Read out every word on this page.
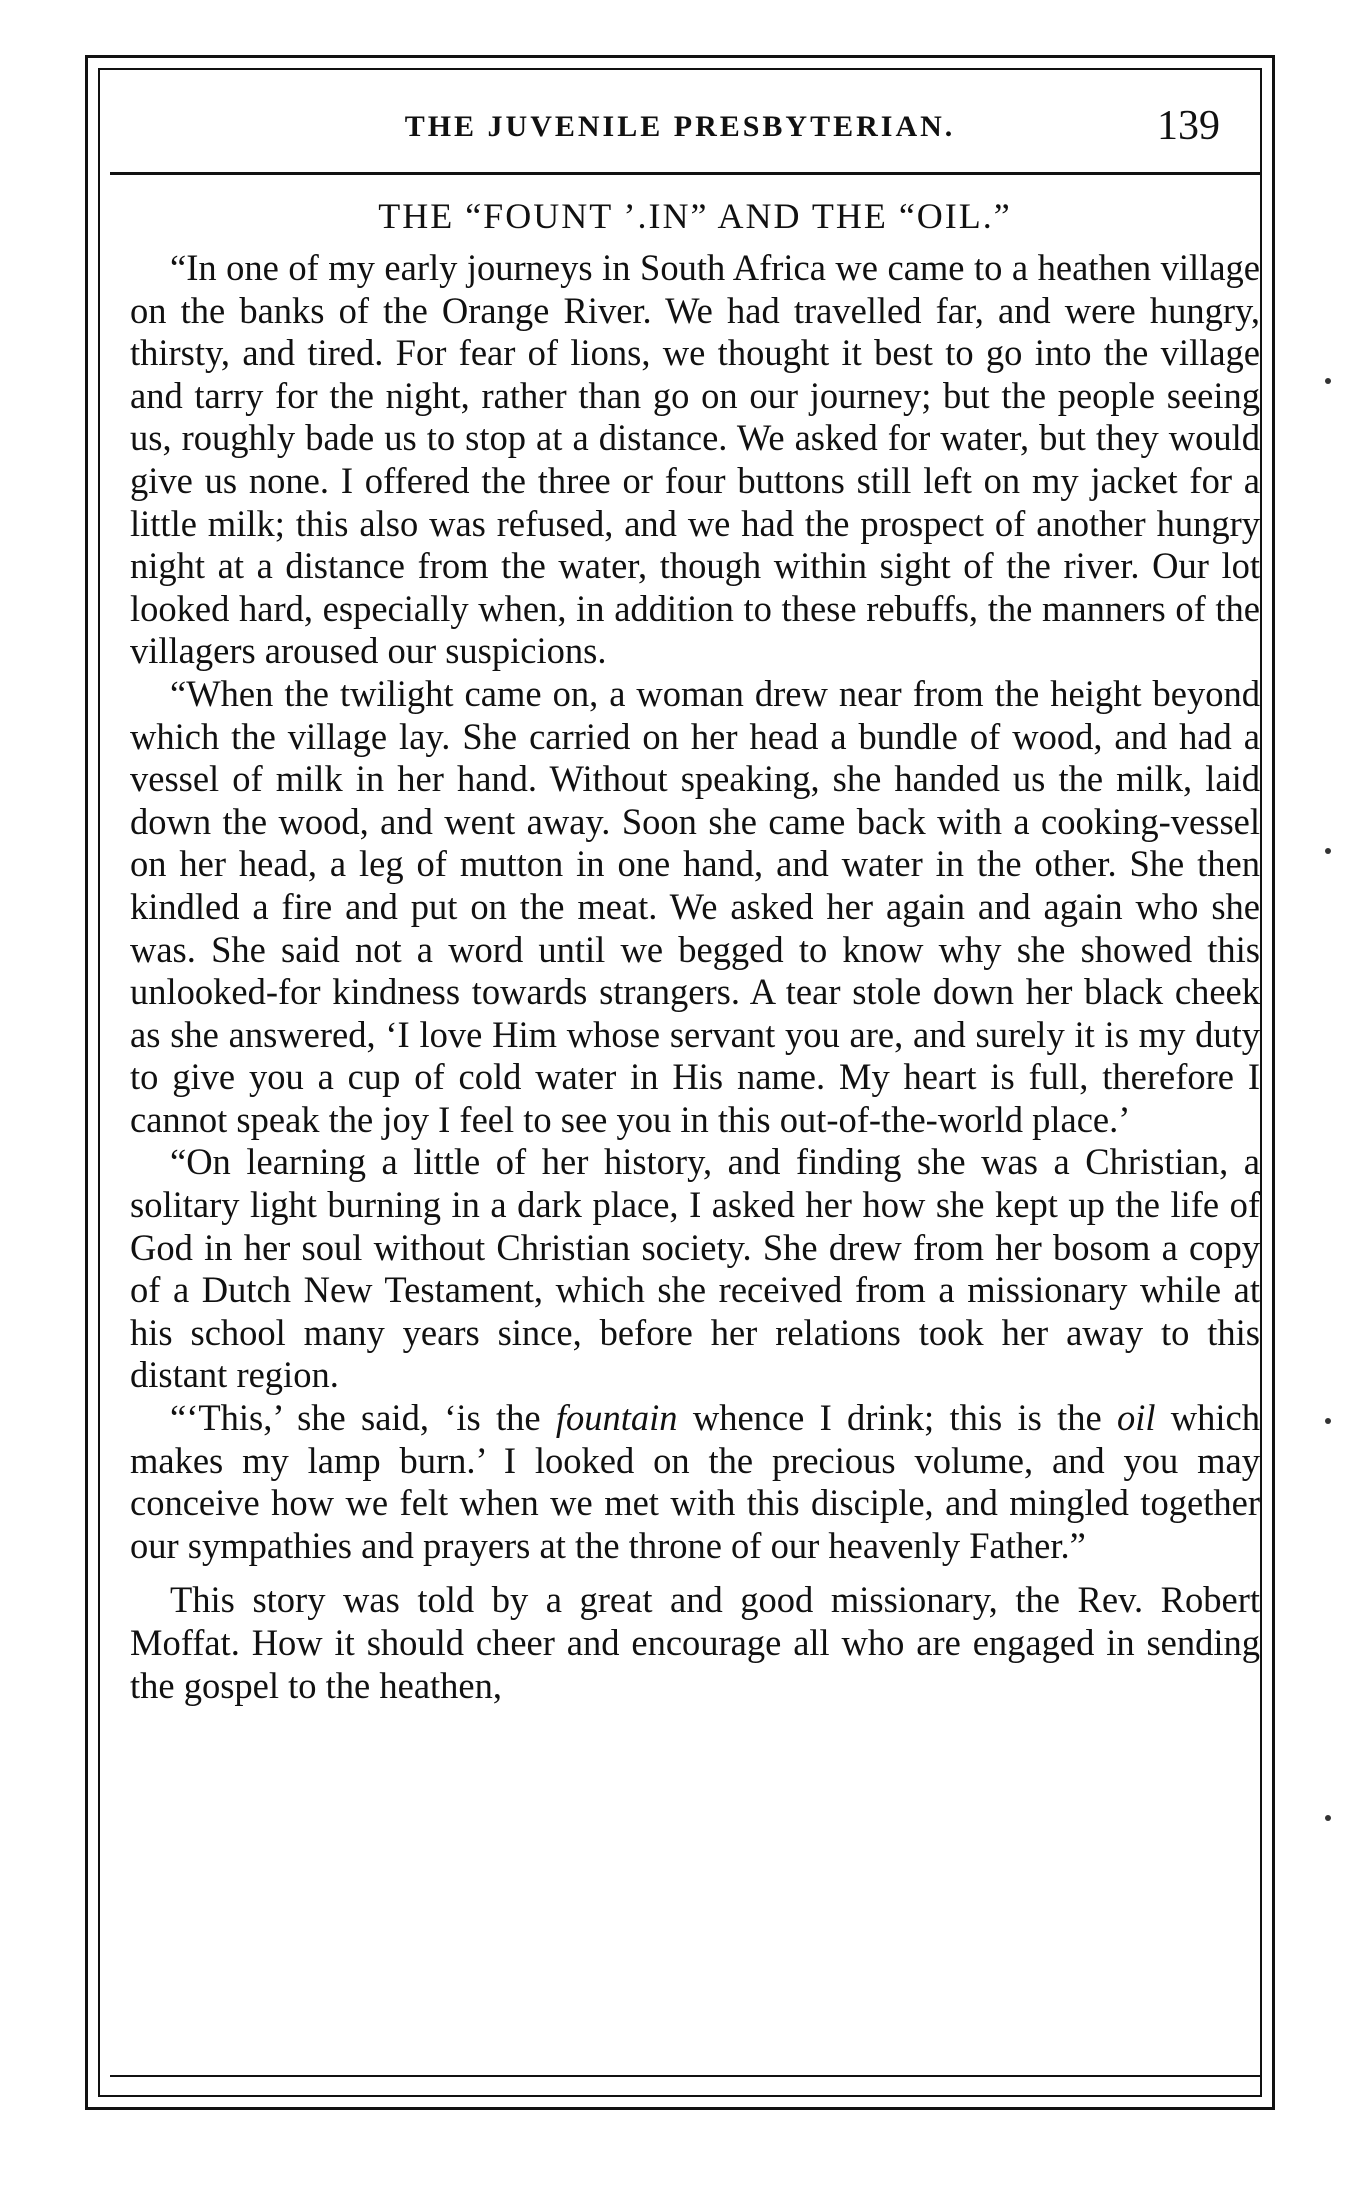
THE JUVENILE PRESBYTERIAN.	139
THE “FOUNT ’.IN” AND THE “OIL.”

“In one of my early journeys in South Africa we came to a heathen village on the banks of the Orange River. We had travelled far, and were hungry, thirsty, and tired. For fear of lions, we thought it best to go into the village and tarry for the night, rather than go on our journey; but the people seeing us, roughly bade us to stop at a distance. We asked for water, but they would give us none. I offered the three or four buttons still left on my jacket for a little milk; this also was refused, and we had the prospect of another hungry night at a distance from the water, though within sight of the river. Our lot looked hard, especially when, in addition to these rebuffs, the manners of the villagers aroused our suspicions.

“When the twilight came on, a woman drew near from the height beyond which the village lay. She carried on her head a bundle of wood, and had a vessel of milk in her hand. Without speaking, she handed us the milk, laid down the wood, and went away. Soon she came back with a cooking-vessel on her head, a leg of mutton in one hand, and water in the other. She then kindled a fire and put on the meat. We asked her again and again who she was. She said not a word until we begged to know why she showed this unlooked-for kindness towards strangers. A tear stole down her black cheek as she answered, ‘I love Him whose servant you are, and surely it is my duty to give you a cup of cold water in His name. My heart is full, therefore I cannot speak the joy I feel to see you in this out-of-the-world place.’

“On learning a little of her history, and finding she was a Christian, a solitary light burning in a dark place, I asked her how she kept up the life of God in her soul without Christian society. She drew from her bosom a copy of a Dutch New Testament, which she received from a missionary while at his school many years since, before her relations took her away to this distant region.

“‘This,’ she said, ‘is the fountain whence I drink; this is the oil which makes my lamp burn.’ I looked on the precious volume, and you may conceive how we felt when we met with this disciple, and mingled together our sympathies and prayers at the throne of our heavenly Father.”

This story was told by a great and good missionary, the Rev. Robert Moffat. How it should cheer and encourage all who are engaged in sending the gospel to the heathen,
